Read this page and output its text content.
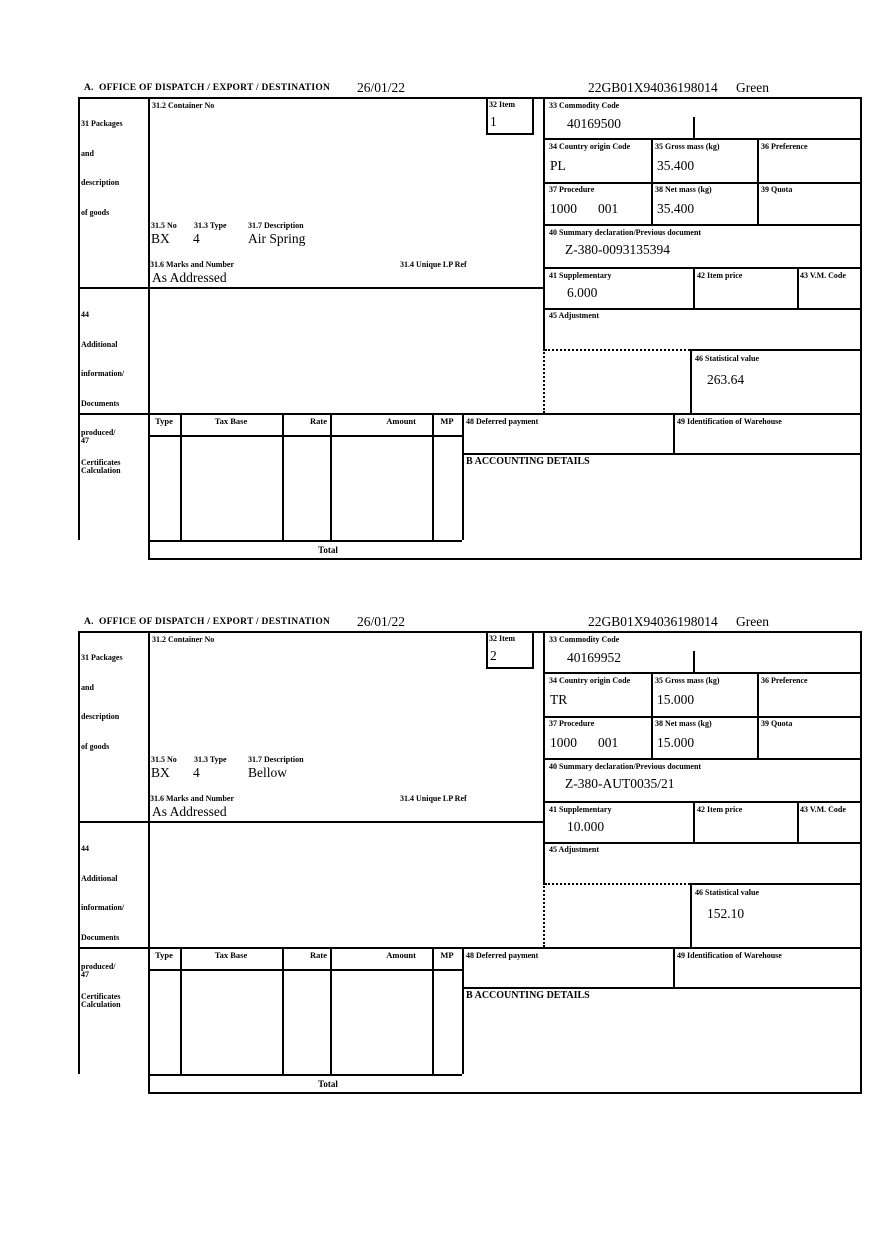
A.  OFFICE OF DISPATCH / EXPORT / DESTINATION 26/01/22	22GB01X94036198014 Green

31 Packages

and

description

of goods

44

Additional

information/

Documents

produced/

Certificates

47

Calculation

31.2 Container No
31.5 No 31.3 Type	31.7 Description
BX 4	Air Spring
31.6 Marks and Number	31.4 Unique LP Ref
As Addressed
32 Item
1
33 Commodity Code
40169500
34 Country origin Code
PL
35 Gross mass (kg)
35.400
36 Preference
37 Procedure
1000 001
38 Net mass (kg)
35.400
39 Quota
40 Summary declaration/Previous document
Z-380-0093135394
41 Supplementary
6.000
42 Item price	43 V.M. Code
45 Adjustment
46 Statistical value
263.64
Type	Tax Base	Rate	Amount	MP	48 Deferred payment	49 Identification of Warehouse
B ACCOUNTING DETAILS
Total
A.  OFFICE OF DISPATCH / EXPORT / DESTINATION 26/01/22	22GB01X94036198014 Green

31 Packages

and

description

of goods

44

Additional

information/

Documents

produced/

Certificates

47

Calculation

31.2 Container No
31.5 No 31.3 Type	31.7 Description
BX 4	Bellow
31.6 Marks and Number	31.4 Unique LP Ref
As Addressed
32 Item
2
33 Commodity Code
40169952
34 Country origin Code
TR
35 Gross mass (kg)
15.000
36 Preference
37 Procedure
1000 001
38 Net mass (kg)
15.000
39 Quota
40 Summary declaration/Previous document
Z-380-AUT0035/21
41 Supplementary
10.000
42 Item price	43 V.M. Code
45 Adjustment
46 Statistical value
152.10
Type	Tax Base	Rate	Amount	MP	48 Deferred payment	49 Identification of Warehouse
B ACCOUNTING DETAILS
Total
